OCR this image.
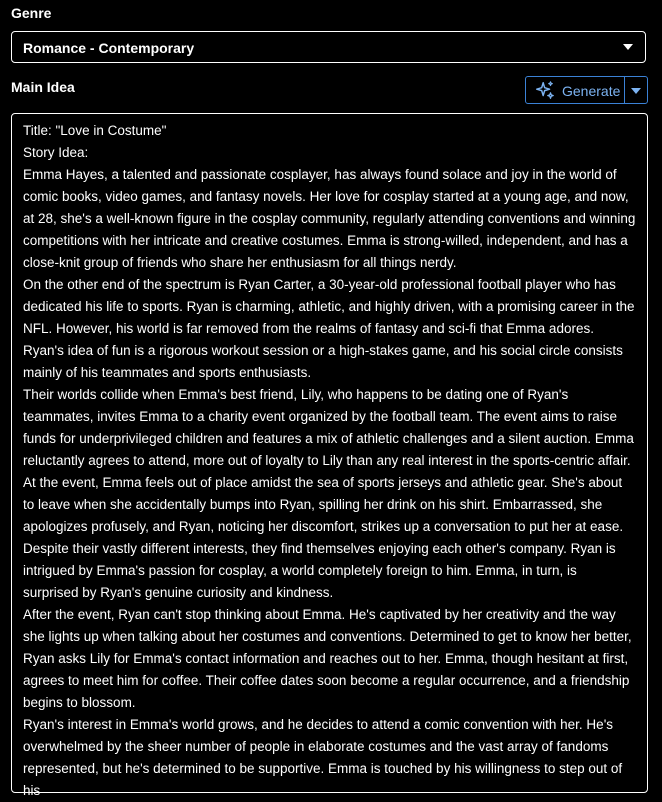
Genre
Romance - Contemporary
Main Idea	Generate

Title: "Love in Costume"

Story Idea:

Emma Hayes, a talented and passionate cosplayer, has always found solace and joy in the world of comic books, video games, and fantasy novels. Her love for cosplay started at a young age, and now, at 28, she's a well-known figure in the cosplay community, regularly attending conventions and winning competitions with her intricate and creative costumes. Emma is strong-willed, independent, and has a close-knit group of friends who share her enthusiasm for all things nerdy.

On the other end of the spectrum is Ryan Carter, a 30-year-old professional football player who has dedicated his life to sports. Ryan is charming, athletic, and highly driven, with a promising career in the NFL. However, his world is far removed from the realms of fantasy and sci-fi that Emma adores. Ryan's idea of fun is a rigorous workout session or a high-stakes game, and his social circle consists mainly of his teammates and sports enthusiasts.

Their worlds collide when Emma's best friend, Lily, who happens to be dating one of Ryan's teammates, invites Emma to a charity event organized by the football team. The event aims to raise funds for underprivileged children and features a mix of athletic challenges and a silent auction. Emma reluctantly agrees to attend, more out of loyalty to Lily than any real interest in the sports-centric affair.

At the event, Emma feels out of place amidst the sea of sports jerseys and athletic gear. She's about to leave when she accidentally bumps into Ryan, spilling her drink on his shirt. Embarrassed, she apologizes profusely, and Ryan, noticing her discomfort, strikes up a conversation to put her at ease. Despite their vastly different interests, they find themselves enjoying each other's company. Ryan is intrigued by Emma's passion for cosplay, a world completely foreign to him. Emma, in turn, is surprised by Ryan's genuine curiosity and kindness.

After the event, Ryan can't stop thinking about Emma. He's captivated by her creativity and the way she lights up when talking about her costumes and conventions. Determined to get to know her better, Ryan asks Lily for Emma's contact information and reaches out to her. Emma, though hesitant at first, agrees to meet him for coffee. Their coffee dates soon become a regular occurrence, and a friendship begins to blossom.

Ryan's interest in Emma's world grows, and he decides to attend a comic convention with her. He's overwhelmed by the sheer number of people in elaborate costumes and the vast array of fandoms represented, but he's determined to be supportive. Emma is touched by his willingness to step out of his
